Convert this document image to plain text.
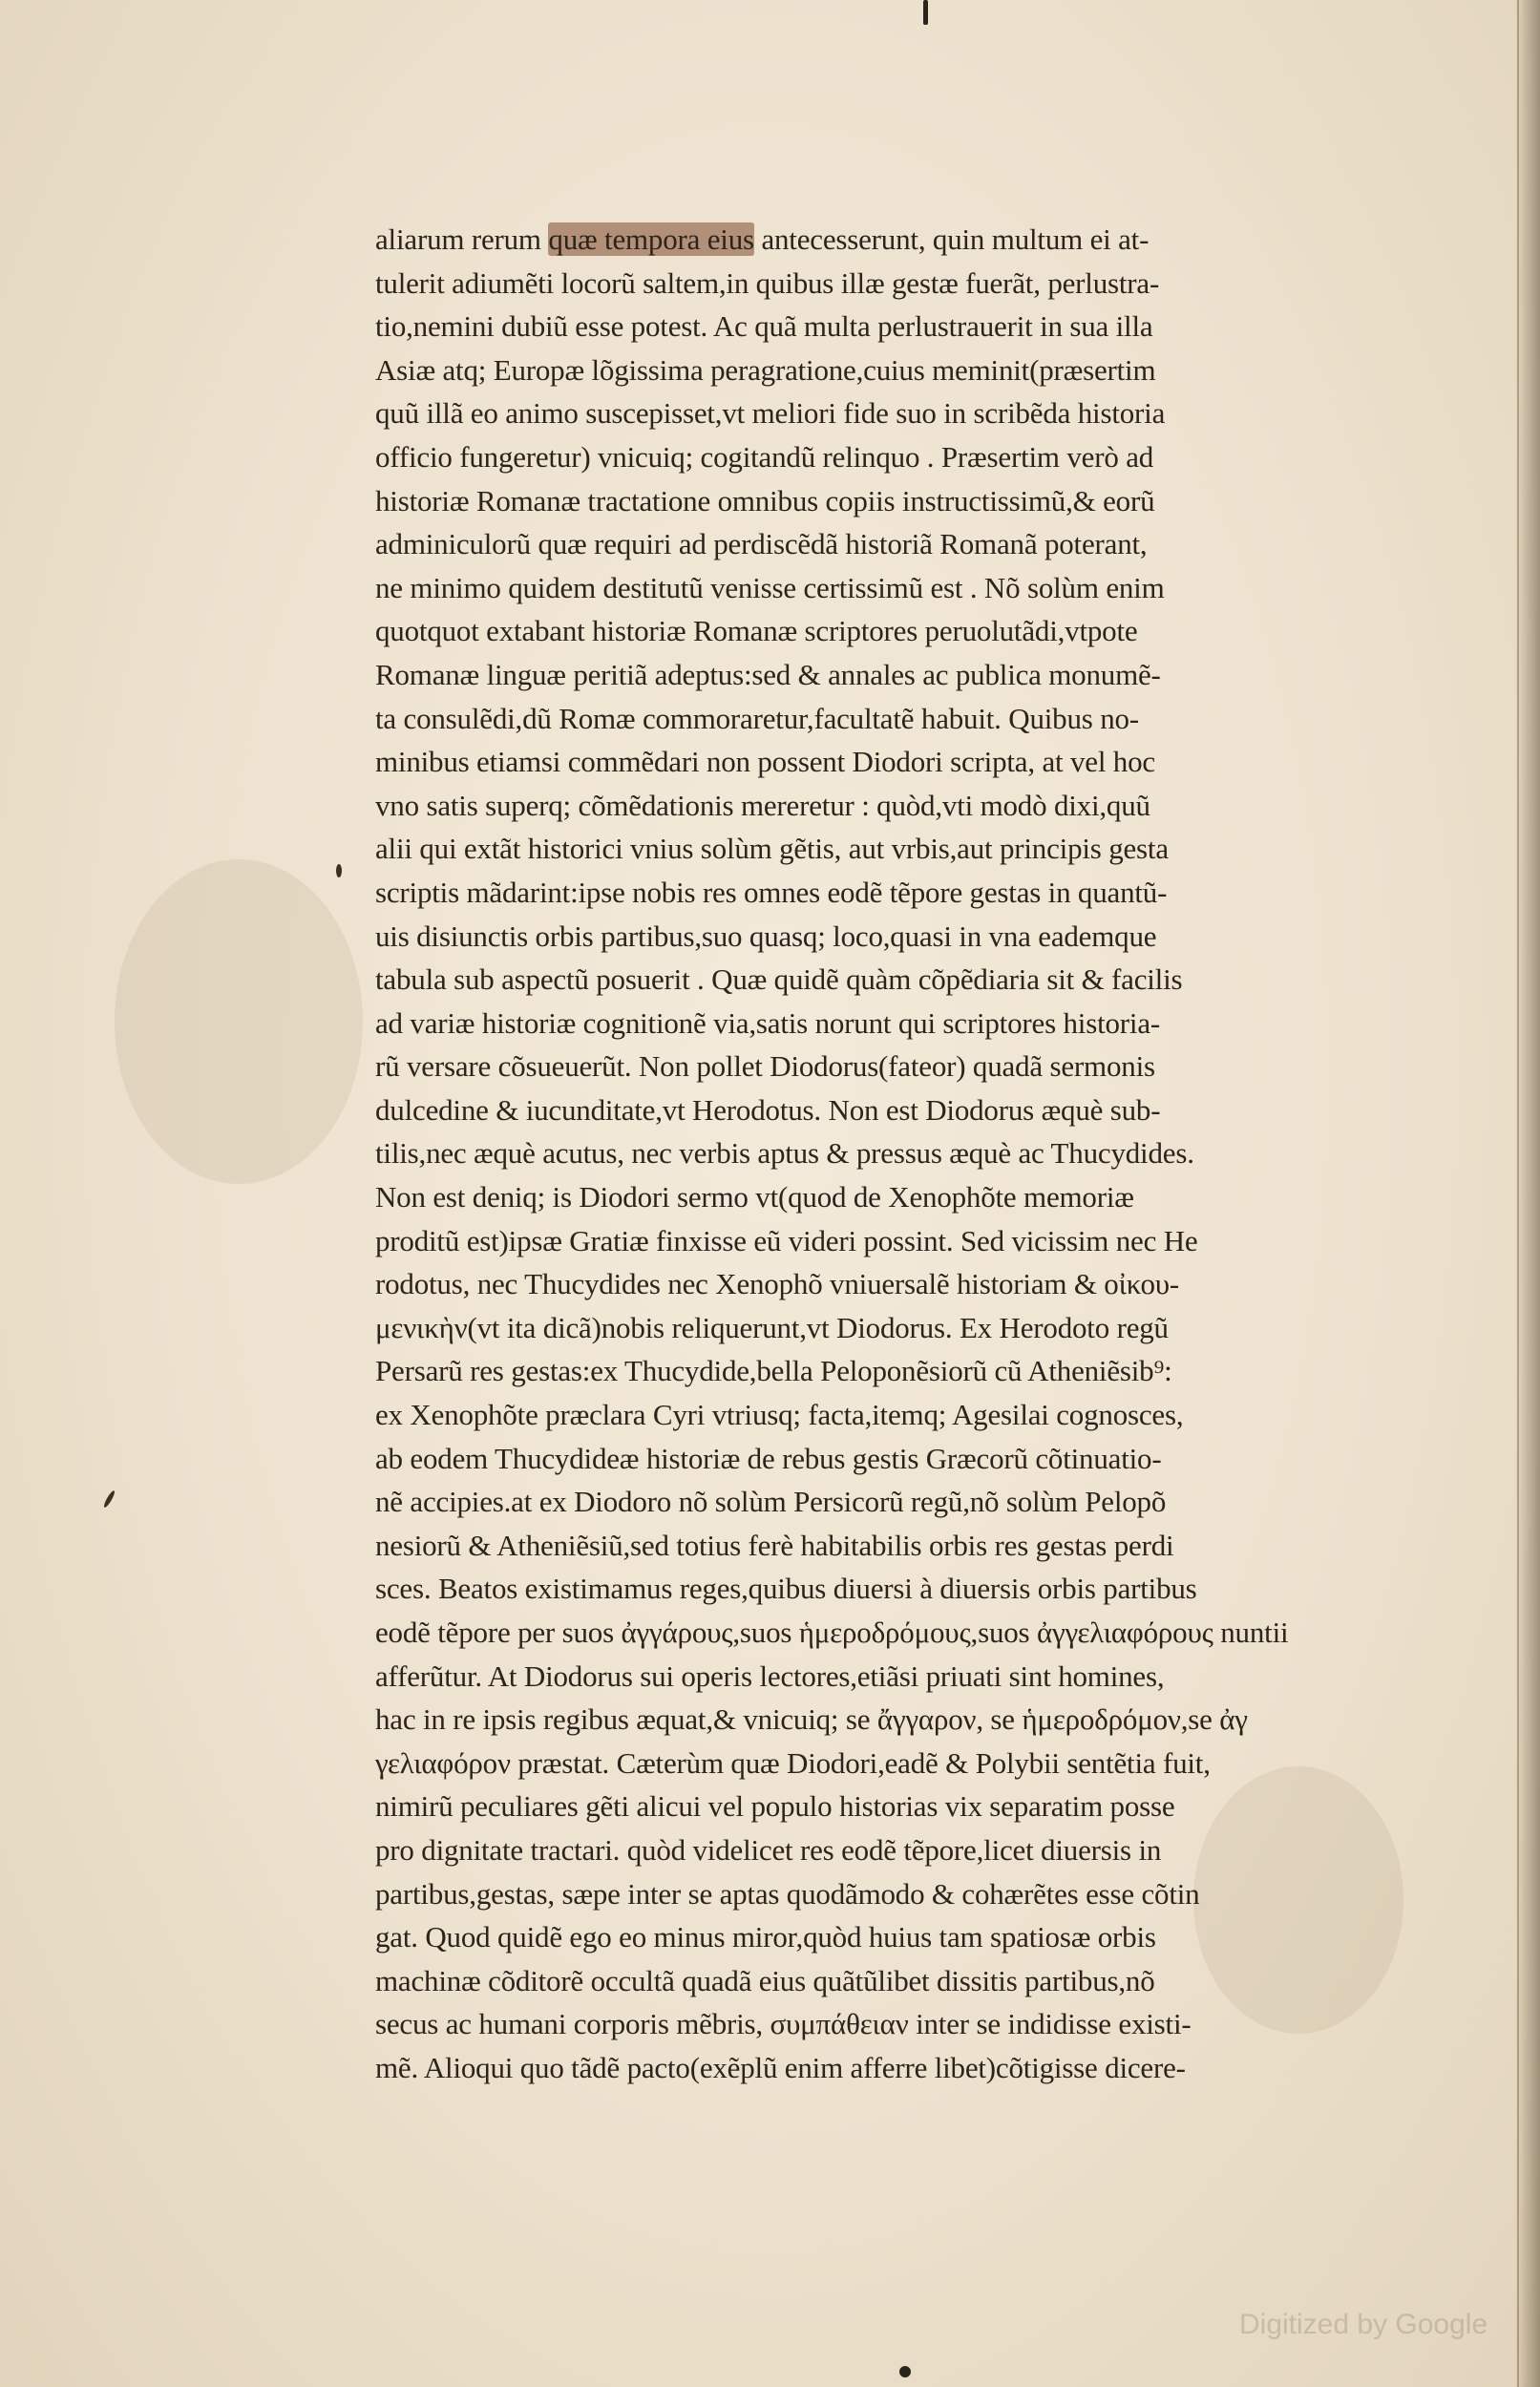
aliarum rerum quæ tempora eius antecesserunt, quin multum ei at-
tulerit adiumẽti locorũ saltem,in quibus illæ gestæ fuerãt, perlustra-
tio,nemini dubiũ esse potest. Ac quã multa perlustrauerit in sua illa
Asiæ atq; Europæ lõgissima peragratione,cuius meminit(præsertim
quũ illã eo animo suscepisset,vt meliori fide suo in scribẽda historia
officio fungeretur) vnicuiq; cogitandũ relinquo . Præsertim verò ad
historiæ Romanæ tractatione omnibus copiis instructissimũ,& eorũ
adminiculorũ quæ requiri ad perdiscẽdã historiã Romanã poterant,
ne minimo quidem destitutũ venisse certissimũ est . Nõ solùm enim
quotquot extabant historiæ Romanæ scriptores peruolutãdi,vtpote
Romanæ linguæ peritiã adeptus:sed & annales ac publica monumẽ-
ta consulẽdi,dũ Romæ commoraretur,facultatẽ habuit. Quibus no-
minibus etiamsi commẽdari non possent Diodori scripta, at vel hoc
vno satis superq; cõmẽdationis mereretur : quòd,vti modò dixi,quũ
alii qui extãt historici vnius solùm gẽtis, aut vrbis,aut principis gesta
scriptis mãdarint:ipse nobis res omnes eodẽ tẽpore gestas in quantũ-
uis disiunctis orbis partibus,suo quasq; loco,quasi in vna eademque
tabula sub aspectũ posuerit . Quæ quidẽ quàm cõpẽdiaria sit & facilis
ad variæ historiæ cognitionẽ via,satis norunt qui scriptores historia-
rũ versare cõsueuerũt. Non pollet Diodorus(fateor) quadã sermonis
dulcedine & iucunditate,vt Herodotus. Non est Diodorus æquè sub-
tilis,nec æquè acutus, nec verbis aptus & pressus æquè ac Thucydides.
Non est deniq; is Diodori sermo vt(quod de Xenophõte memoriæ
proditũ est)ipsæ Gratiæ finxisse eũ videri possint. Sed vicissim nec He
rodotus, nec Thucydides nec Xenophõ vniuersalẽ historiam & οἰκου-
μενικὴν(vt ita dicã)nobis reliquerunt,vt Diodorus. Ex Herodoto regũ
Persarũ res gestas:ex Thucydide,bella Peloponẽsiorũ cũ Atheniẽsib⁹:
ex Xenophõte præclara Cyri vtriusq; facta,itemq; Agesilai cognosces,
ab eodem Thucydideæ historiæ de rebus gestis Græcorũ cõtinuatio-
nẽ accipies.at ex Diodoro nõ solùm Persicorũ regũ,nõ solùm Pelopõ
nesiorũ & Atheniẽsiũ,sed totius ferè habitabilis orbis res gestas perdi
sces. Beatos existimamus reges,quibus diuersi à diuersis orbis partibus
eodẽ tẽpore per suos ἀγγάρους,suos ἡμεροδρόμους,suos ἀγγελιαφόρους nuntii
afferũtur. At Diodorus sui operis lectores,etiãsi priuati sint homines,
hac in re ipsis regibus æquat,& vnicuiq; se ἄγγαρον, se ἡμεροδρόμον,se ἀγ
γελιαφόρον præstat. Cæterùm quæ Diodori,eadẽ & Polybii sentẽtia fuit,
nimirũ peculiares gẽti alicui vel populo historias vix separatim posse
pro dignitate tractari. quòd videlicet res eodẽ tẽpore,licet diuersis in
partibus,gestas, sæpe inter se aptas quodãmodo & cohærẽtes esse cõtin
gat. Quod quidẽ ego eo minus miror,quòd huius tam spatiosæ orbis
machinæ cõditorẽ occultã quadã eius quãtũlibet dissitis partibus,nõ
secus ac humani corporis mẽbris, συμπάθειαν inter se indidisse existi-
mẽ. Alioqui quo tãdẽ pacto(exẽplũ enim afferre libet)cõtigisse dicere-
Digitized by Google
